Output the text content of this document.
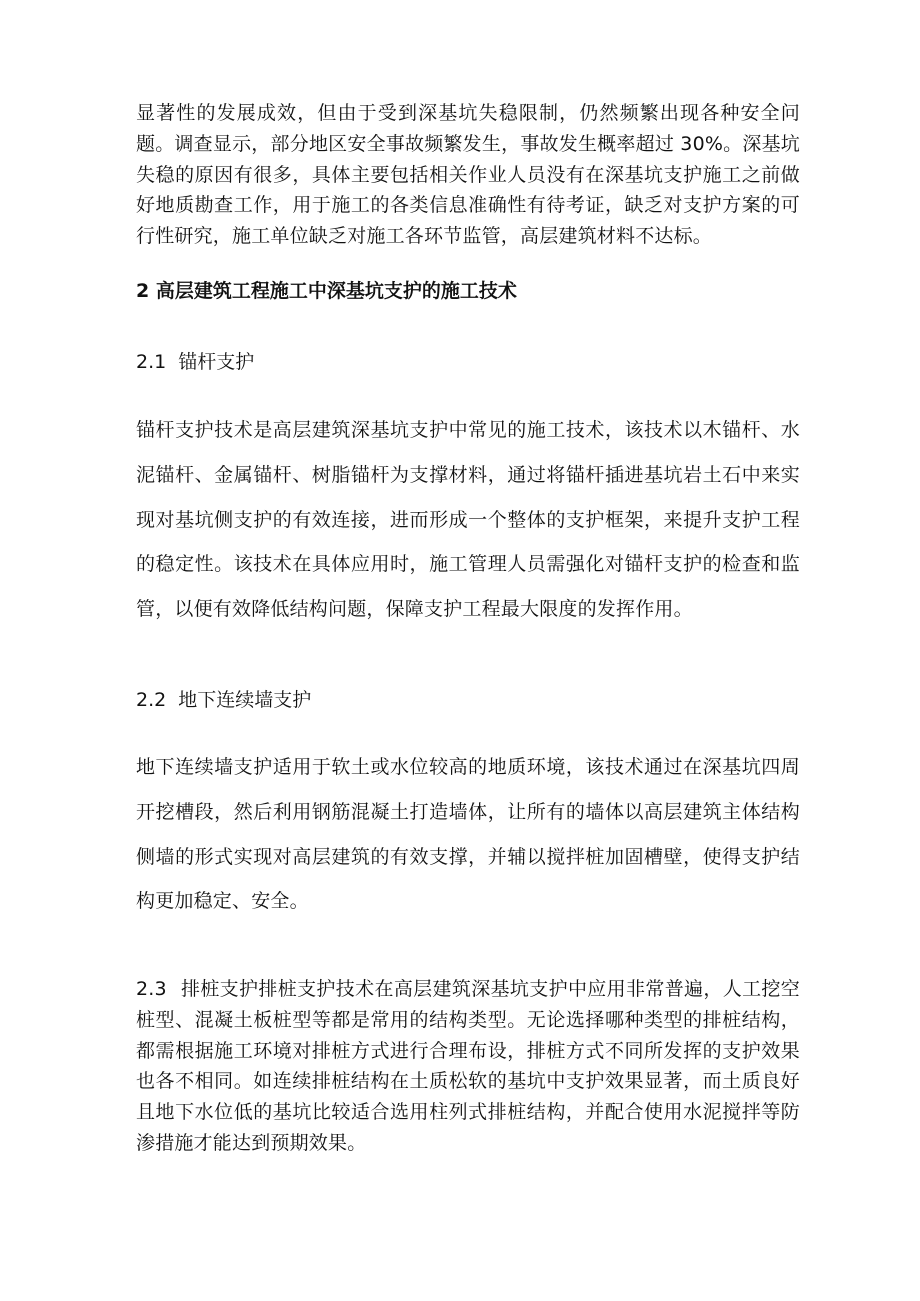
显著性的发展成效，但由于受到深基坑失稳限制，仍然频繁出现各种安全问题。调查显示，部分地区安全事故频繁发生，事故发生概率超过 30%。深基坑失稳的原因有很多，具体主要包括相关作业人员没有在深基坑支护施工之前做好地质勘查工作，用于施工的各类信息准确性有待考证，缺乏对支护方案的可行性研究，施工单位缺乏对施工各环节监管，高层建筑材料不达标。

2 高层建筑工程施工中深基坑支护的施工技术
2.1 锚杆支护

锚杆支护技术是高层建筑深基坑支护中常见的施工技术，该技术以木锚杆、水泥锚杆、金属锚杆、树脂锚杆为支撑材料，通过将锚杆插进基坑岩土石中来实现对基坑侧支护的有效连接，进而形成一个整体的支护框架，来提升支护工程的稳定性。该技术在具体应用时，施工管理人员需强化对锚杆支护的检查和监管，以便有效降低结构问题，保障支护工程最大限度的发挥作用。

2.2 地下连续墙支护

地下连续墙支护适用于软土或水位较高的地质环境，该技术通过在深基坑四周开挖槽段，然后利用钢筋混凝土打造墙体，让所有的墙体以高层建筑主体结构侧墙的形式实现对高层建筑的有效支撑，并辅以搅拌桩加固槽壁，使得支护结构更加稳定、安全。

2.3 排桩支护排桩支护技术在高层建筑深基坑支护中应用非常普遍，人工挖空桩型、混凝土板桩型等都是常用的结构类型。无论选择哪种类型的排桩结构，都需根据施工环境对排桩方式进行合理布设，排桩方式不同所发挥的支护效果也各不相同。如连续排桩结构在土质松软的基坑中支护效果显著，而土质良好且地下水位低的基坑比较适合选用柱列式排桩结构，并配合使用水泥搅拌等防渗措施才能达到预期效果。
